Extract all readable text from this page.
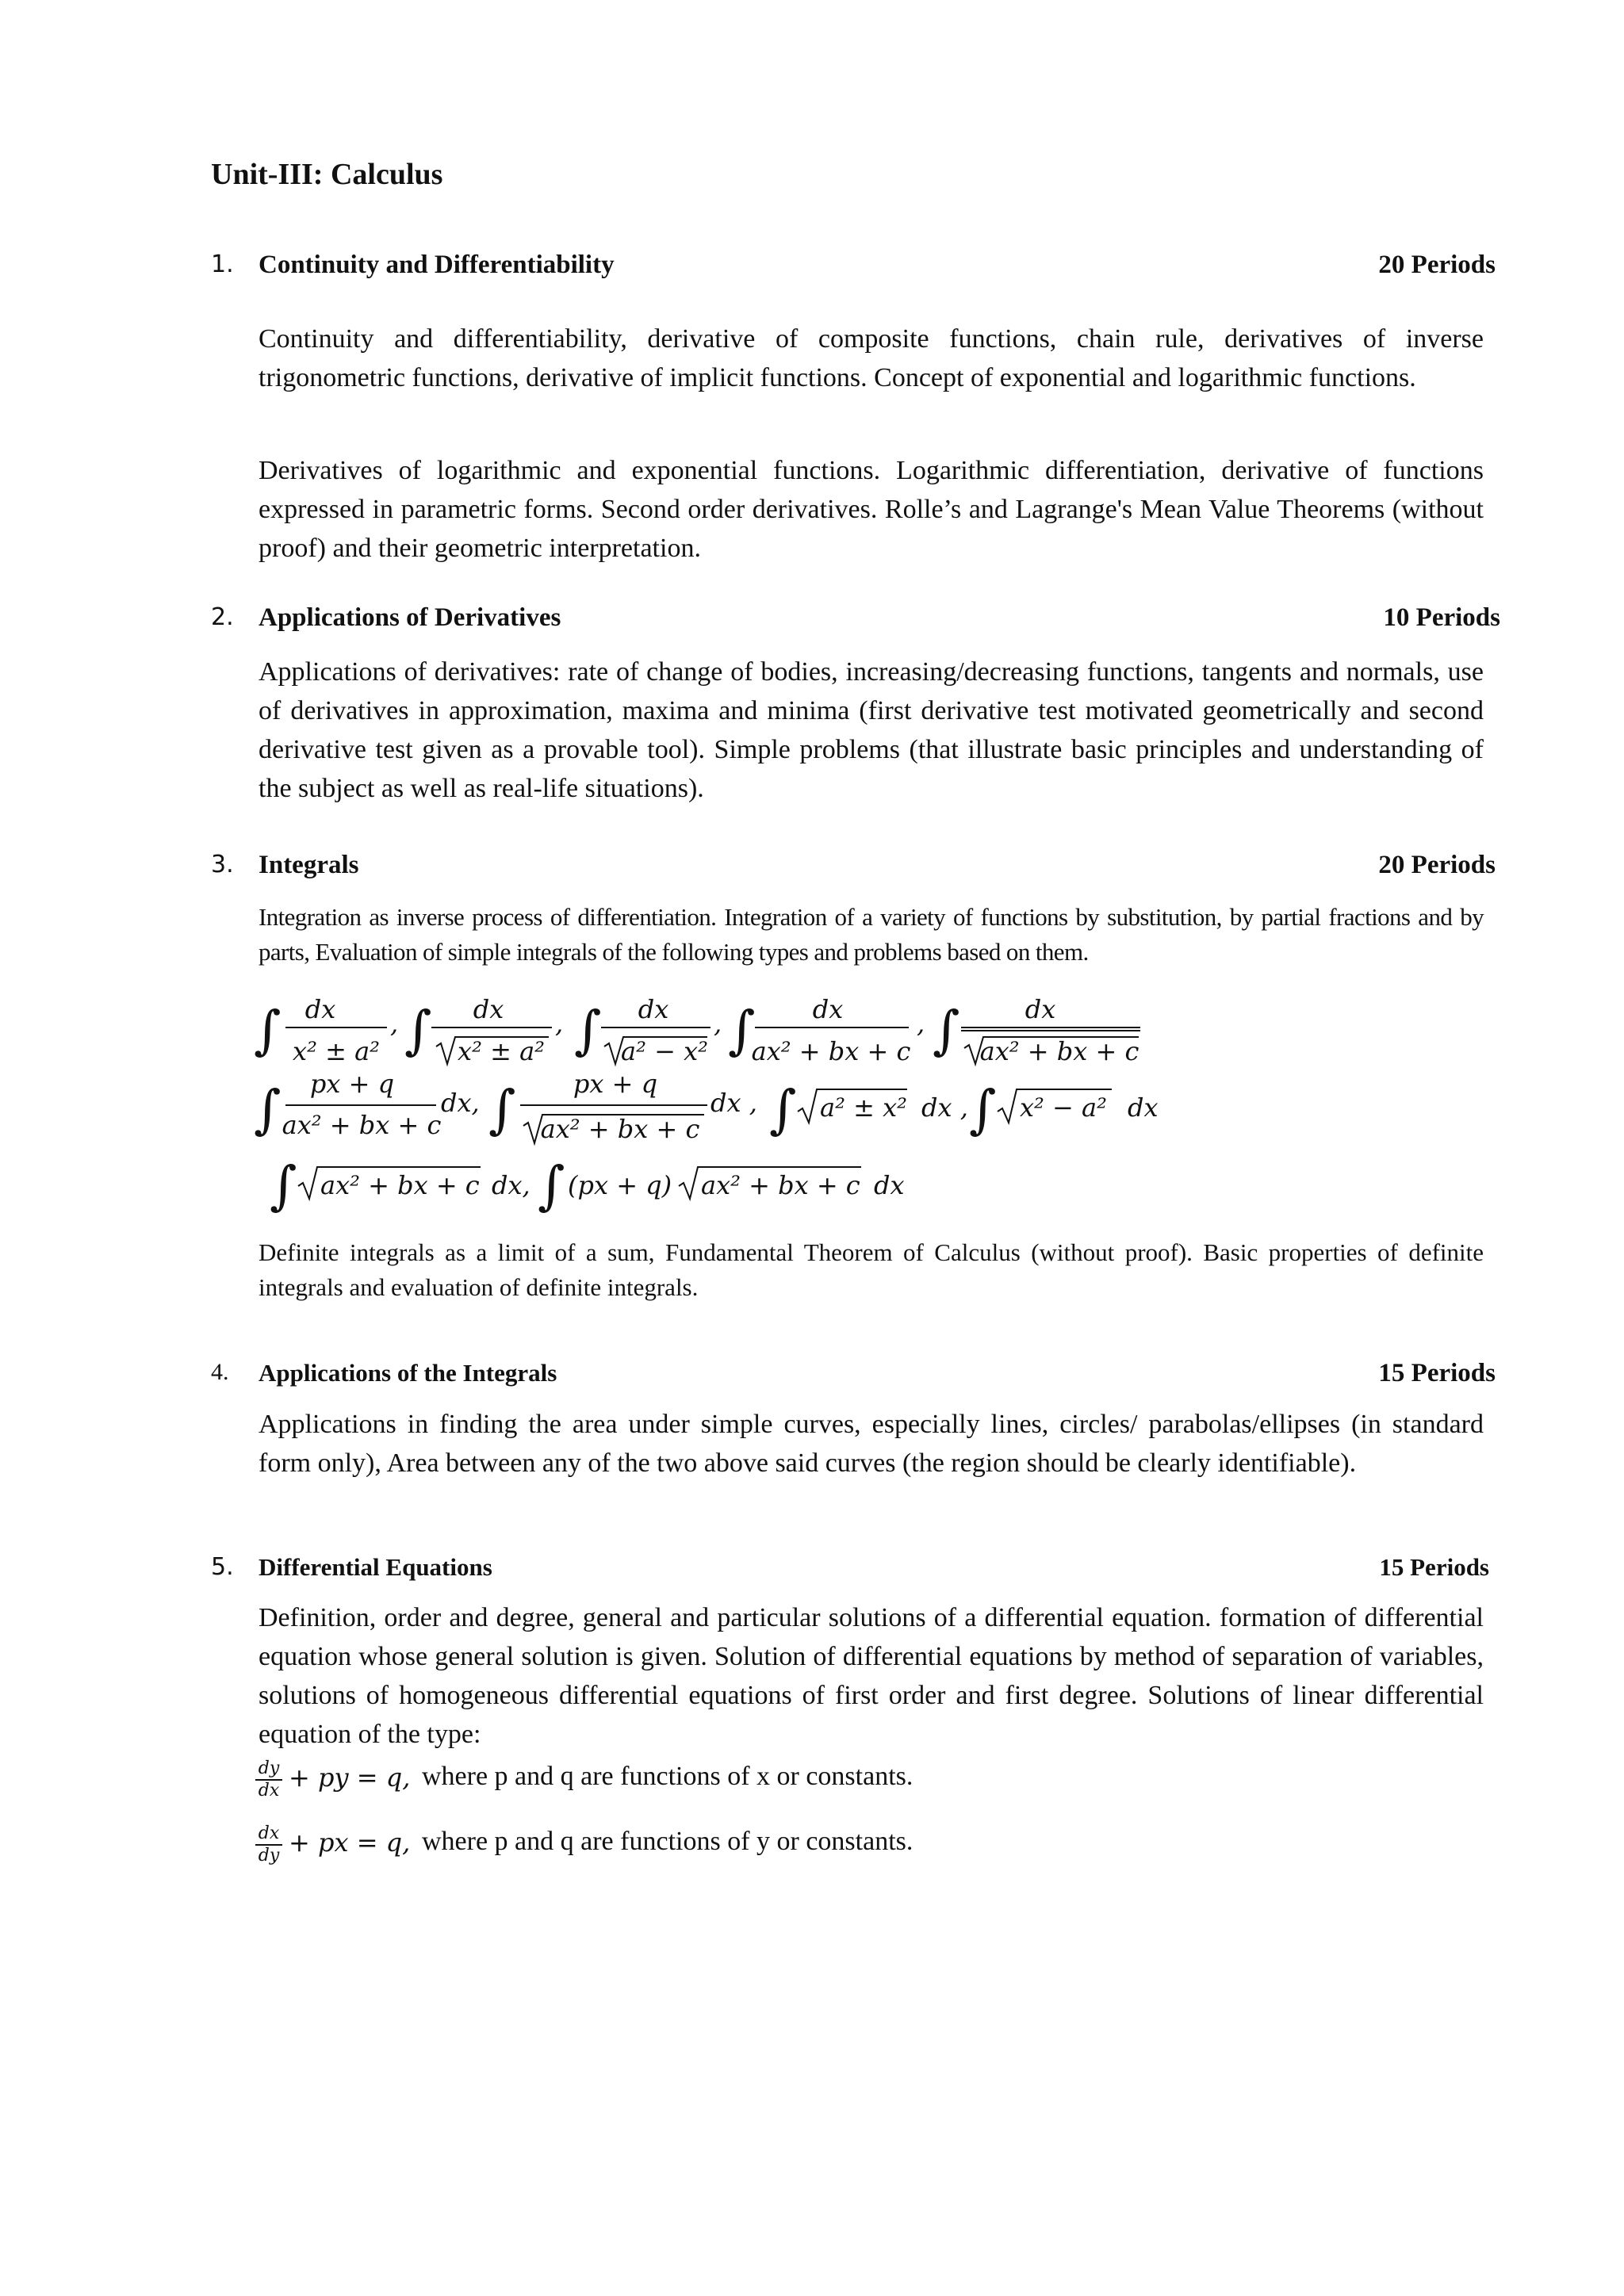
Unit-III: Calculus
1. Continuity and Differentiability	20 Periods
Continuity and differentiability, derivative of composite functions, chain rule, derivatives of inverse trigonometric functions, derivative of implicit functions. Concept of exponential and logarithmic functions.
Derivatives of logarithmic and exponential functions. Logarithmic differentiation, derivative of functions expressed in parametric forms. Second order derivatives. Rolle’s and Lagrange's Mean Value Theorems (without proof) and their geometric interpretation.
2. Applications of Derivatives	10 Periods
Applications of derivatives: rate of change of bodies, increasing/decreasing functions, tangents and normals, use of derivatives in approximation, maxima and minima (first derivative test motivated geometrically and second derivative test given as a provable tool). Simple problems (that illustrate basic principles and understanding of the subject as well as real-life situations).
3. Integrals	20 Periods
Integration as inverse process of differentiation. Integration of a variety of functions by substitution, by partial fractions and by parts, Evaluation of simple integrals of the following types and problems based on them.
∫ dx
x² ± a²
, ∫ dx
x² ± a²
, ∫ dx
a² − x²
, ∫ dx
ax² + bx + c
, ∫	dx
ax² + bx + c
∫ px + q
ax² + bx + c
dx, ∫ px + q
ax² + bx + c
dx , ∫ a² ± x² dx , ∫ x² − a² dx
∫ ax² + bx + c dx, ∫ (px + q) ax² + bx + c dx
Definite integrals as a limit of a sum, Fundamental Theorem of Calculus (without proof). Basic properties of definite integrals and evaluation of definite integrals.
4. Applications of the Integrals	15 Periods
Applications in finding the area under simple curves, especially lines, circles/ parabolas/ellipses (in standard form only), Area between any of the two above said curves (the region should be clearly identifiable).
5. Differential Equations	15 Periods
Definition, order and degree, general and particular solutions of a differential equation. formation of differential equation whose general solution is given. Solution of differential equations by method of separation of variables, solutions of homogeneous differential equations of first order and first degree. Solutions of linear differential equation of the type:
$\frac{dy}{dx}$ + py = q, where p and q are functions of x or constants.
$\frac{dx}{dy}$ + px = q, where p and q are functions of y or constants.
